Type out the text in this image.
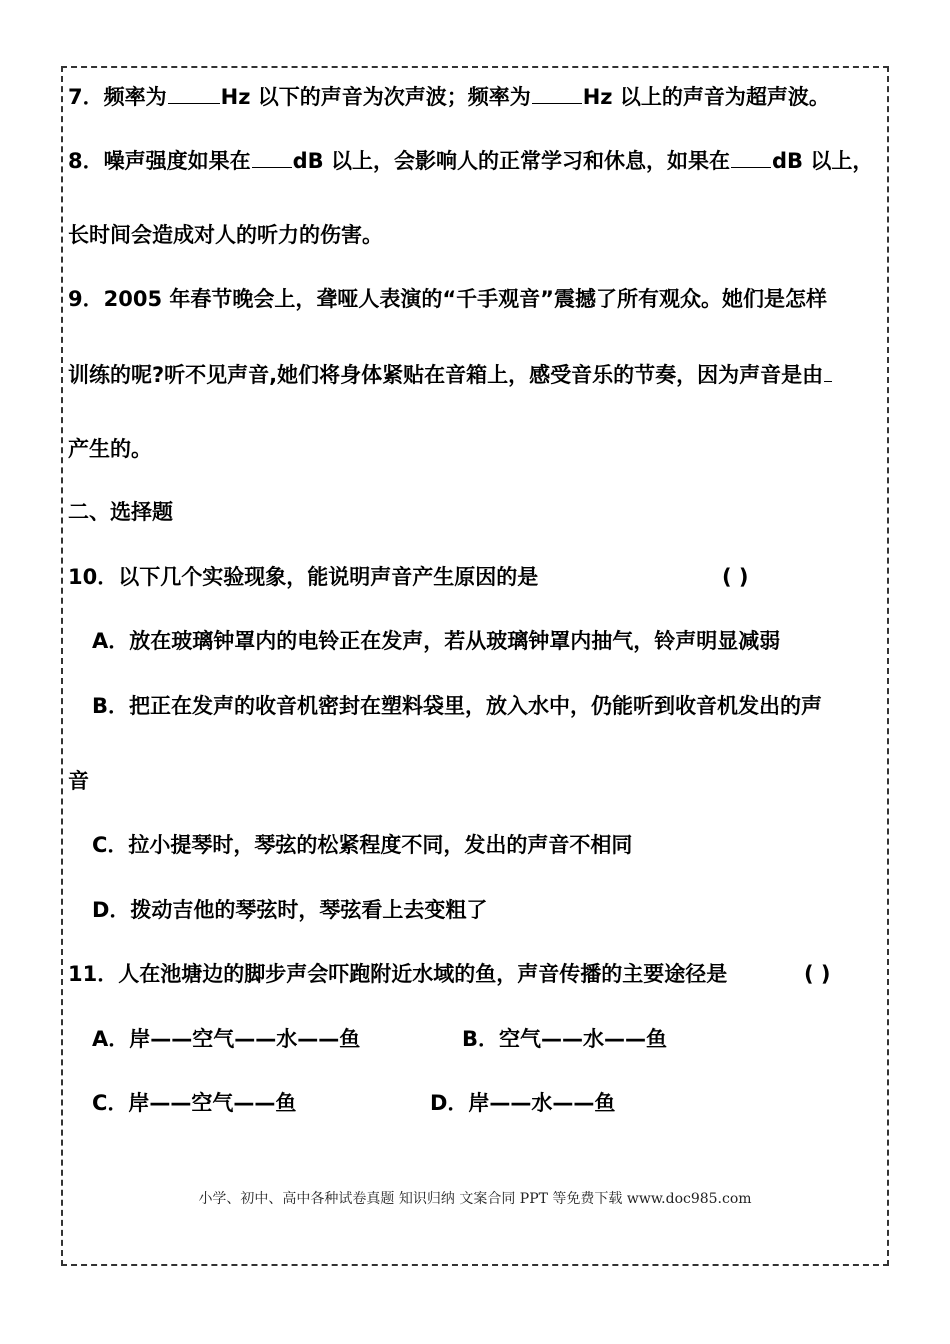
7．频率为	Hz 以下的声音为次声波；频率为 Hz 以上的声音为超声波。
8．噪声强度如果在 dB 以上，会影响人的正常学习和休息，如果在 dB 以上，
长时间会造成对人的听力的伤害。
9．2005 年春节晚会上，聋哑人表演的“千手观音”震撼了所有观众。她们是怎样
训练的呢?听不见声音,她们将身体紧贴在音箱上，感受音乐的节奏，因为声音是由
产生的。
二、选择题
10．以下几个实验现象，能说明声音产生原因的是	( )
A．放在玻璃钟罩内的电铃正在发声，若从玻璃钟罩内抽气，铃声明显减弱
B．把正在发声的收音机密封在塑料袋里，放入水中，仍能听到收音机发出的声
音
C．拉小提琴时，琴弦的松紧程度不同，发出的声音不相同
D．拨动吉他的琴弦时，琴弦看上去变粗了
11．人在池塘边的脚步声会吓跑附近水域的鱼，声音传播的主要途径是	( )
A．岸——空气——水——鱼	B．空气——水——鱼
C．岸——空气——鱼	D．岸——水——鱼
小学、初中、高中各种试卷真题 知识归纳 文案合同 PPT 等免费下载 www.doc985.com
